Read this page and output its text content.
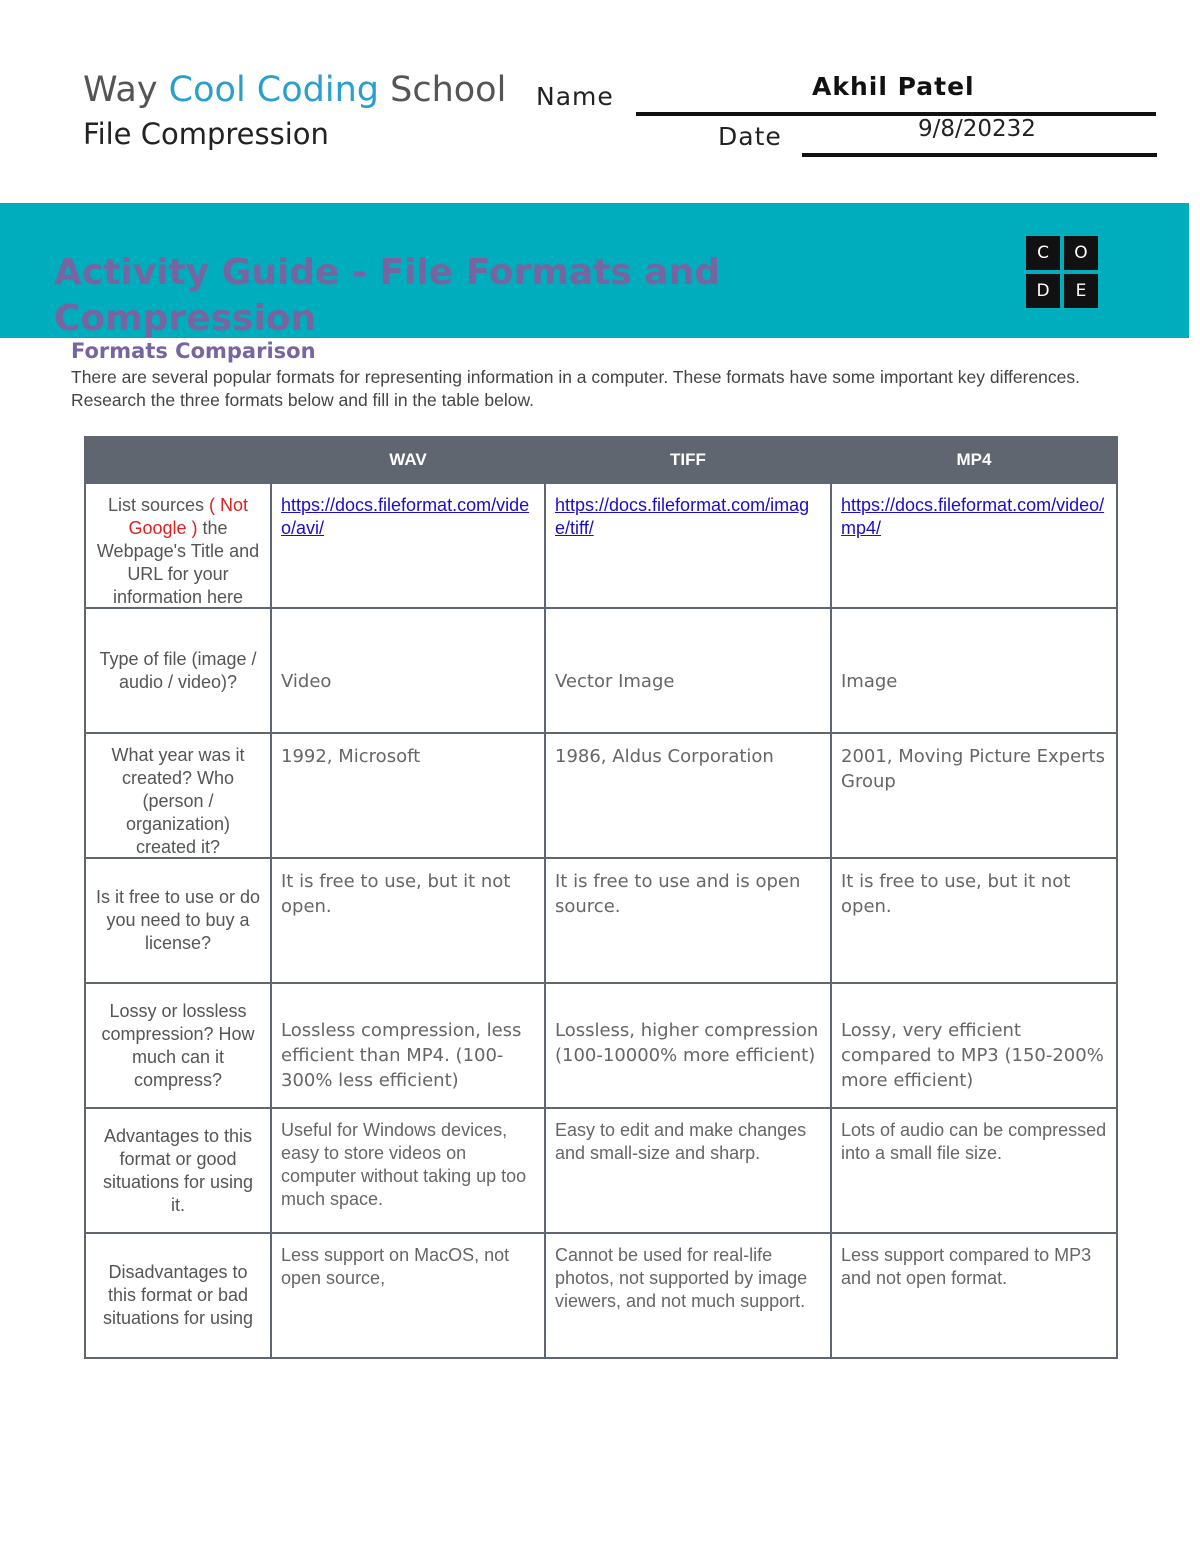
Way Cool Coding School
File Compression
Name	Akhil Patel
Date	9/8/20232
Activity Guide - File Formats and Compression
C	O
D	E
Formats Comparison
There are several popular formats for representing information in a computer. These formats have some important key differences. Research the three formats below and fill in the table below.
	WAV	TIFF	MP4

List sources ( Not Google ) the Webpage's Title and URL for your information here	https://docs.fileformat.com/video/avi/	https://docs.fileformat.com/image/tiff/	https://docs.fileformat.com/video/mp4/

Type of file (image / audio / video)?	Video	Vector Image	Image

What year was it created? Who (person / organization) created it?	1992, Microsoft	1986, Aldus Corporation	2001, Moving Picture Experts Group

Is it free to use or do you need to buy a license?	It is free to use, but it not open.	It is free to use and is open source.	It is free to use, but it not open.

Lossy or lossless compression? How much can it compress?	Lossless compression, less efficient than MP4. (100-300% less efficient)	Lossless, higher compression (100-10000% more efficient)	Lossy, very efficient compared to MP3 (150-200% more efficient)

Advantages to this format or good situations for using it.	Useful for Windows devices, easy to store videos on computer without taking up too much space.	Easy to edit and make changes and small-size and sharp.	Lots of audio can be compressed into a small file size.

Disadvantages to this format or bad situations for using	Less support on MacOS, not open source,	Cannot be used for real-life photos, not supported by image viewers, and not much support.	Less support compared to MP3 and not open format.
